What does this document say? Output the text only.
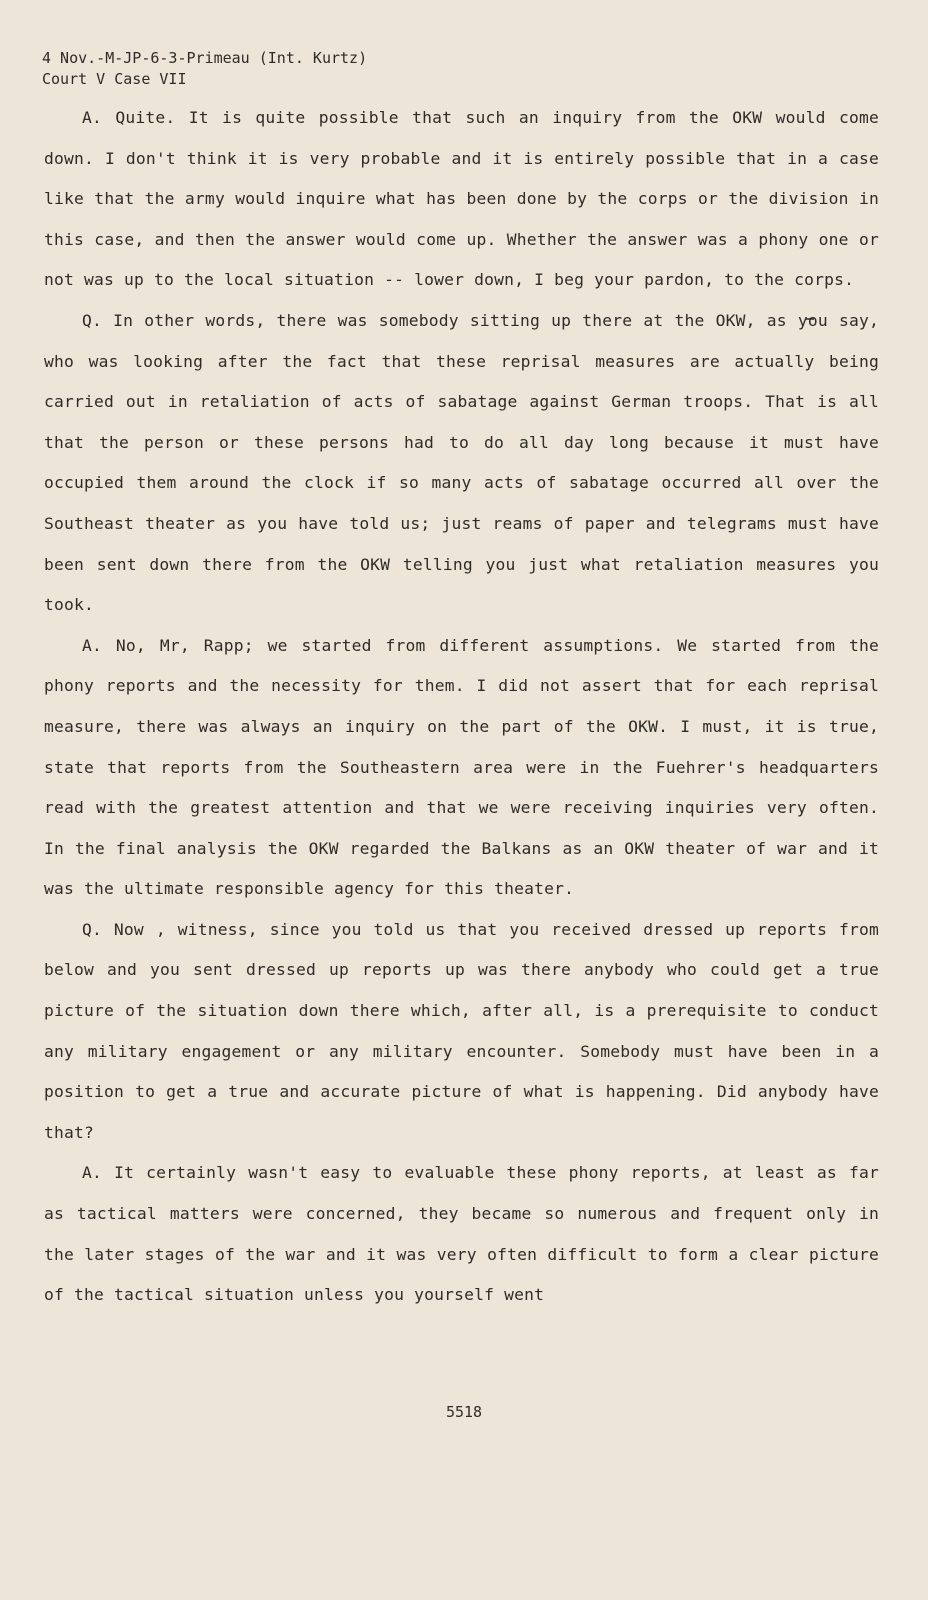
4 Nov.-M-JP-6-3-Primeau (Int. Kurtz)
Court V Case VII

A. Quite. It is quite possible that such an inquiry from the OKW would come down. I don't think it is very probable and it is entirely possible that in a case like that the army would inquire what has been done by the corps or the division in this case, and then the answer would come up. Whether the answer was a phony one or not was up to the local situation -- lower down, I beg your pardon, to the corps.

Q. In other words, there was somebody sitting up there at the OKW, as you say, who was looking after the fact that these reprisal measures are actually being carried out in retaliation of acts of sabatage against German troops. That is all that the person or these persons had to do all day long because it must have occupied them around the clock if so many acts of sabatage occurred all over the Southeast theater as you have told us; just reams of paper and telegrams must have been sent down there from the OKW telling you just what retaliation measures you took.

A. No, Mr, Rapp; we started from different assumptions. We started from the phony reports and the necessity for them. I did not assert that for each reprisal measure, there was always an inquiry on the part of the OKW. I must, it is true, state that reports from the Southeastern area were in the Fuehrer's headquarters read with the greatest attention and that we were receiving inquiries very often. In the final analysis the OKW regarded the Balkans as an OKW theater of war and it was the ultimate responsible agency for this theater.

Q. Now , witness, since you told us that you received dressed up reports from below and you sent dressed up reports up was there anybody who could get a true picture of the situation down there which, after all, is a prerequisite to conduct any military engagement or any military encounter. Somebody must have been in a position to get a true and accurate picture of what is happening. Did anybody have that?

A. It certainly wasn't easy to evaluable these phony reports, at least as far as tactical matters were concerned, they became so numerous and frequent only in the later stages of the war and it was very often difficult to form a clear picture of the tactical situation unless you yourself went

5518
